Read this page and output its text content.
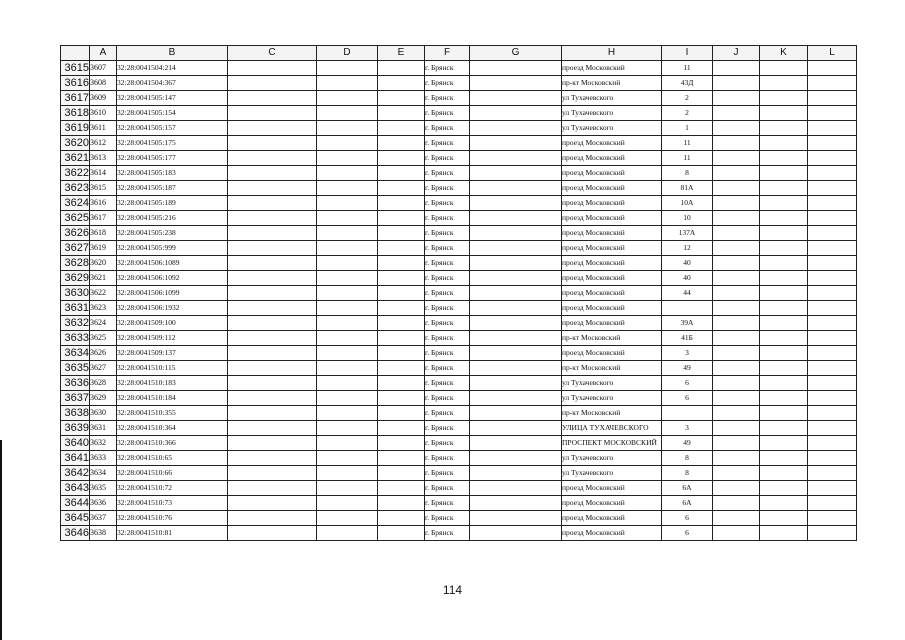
	A	B	C	D	E	F	G	H	I	J	K	L
3615	3607	32:28:0041504:214				г. Брянск		проезд Московский	11			
3616	3608	32:28:0041504:367				г. Брянск		пр-кт Московский	43Д			
3617	3609	32:28:0041505:147				г. Брянск		ул Тухачевского	2			
3618	3610	32:28:0041505:154				г. Брянск		ул Тухачевского	2			
3619	3611	32:28:0041505:157				г. Брянск		ул Тухачевского	1			
3620	3612	32:28:0041505:175				г. Брянск		проезд Московский	11			
3621	3613	32:28:0041505:177				г. Брянск		проезд Московский	11			
3622	3614	32:28:0041505:183				г. Брянск		проезд Московский	8			
3623	3615	32:28:0041505:187				г. Брянск		проезд Московский	81А			
3624	3616	32:28:0041505:189				г. Брянск		проезд Московский	10А			
3625	3617	32:28:0041505:216				г. Брянск		проезд Московский	10			
3626	3618	32:28:0041505:238				г. Брянск		проезд Московский	137А			
3627	3619	32:28:0041505:999				г. Брянск		проезд Московский	12			
3628	3620	32:28:0041506:1089				г. Брянск		проезд Московский	40			
3629	3621	32:28:0041506:1092				г. Брянск		проезд Московский	40			
3630	3622	32:28:0041506:1099				г. Брянск		проезд Московский	44			
3631	3623	32:28:0041506:1932				г. Брянск		проезд Московский				
3632	3624	32:28:0041509:100				г. Брянск		проезд Московский	39А			
3633	3625	32:28:0041509:112				г. Брянск		пр-кт Московский	41Б			
3634	3626	32:28:0041509:137				г. Брянск		проезд Московский	3			
3635	3627	32:28:0041510:115				г. Брянск		пр-кт Московский	49			
3636	3628	32:28:0041510:183				г. Брянск		ул Тухачевского	6			
3637	3629	32:28:0041510:184				г. Брянск		ул Тухачевского	6			
3638	3630	32:28:0041510:355				г. Брянск		пр-кт Московский				
3639	3631	32:28:0041510:364				г. Брянск		УЛИЦА ТУХАЧЕВСКОГО	3			
3640	3632	32:28:0041510:366				г. Брянск		ПРОСПЕКТ МОСКОВСКИЙ	49			
3641	3633	32:28:0041510:65				г. Брянск		ул Тухачевского	8			
3642	3634	32:28:0041510:66				г. Брянск		ул Тухачевского	8			
3643	3635	32:28:0041510:72				г. Брянск		проезд Московский	6А			
3644	3636	32:28:0041510:73				г. Брянск		проезд Московский	6А			
3645	3637	32:28:0041510:76				г. Брянск		проезд Московский	6			
3646	3638	32:28:0041510:81				г. Брянск		проезд Московский	6			
114
